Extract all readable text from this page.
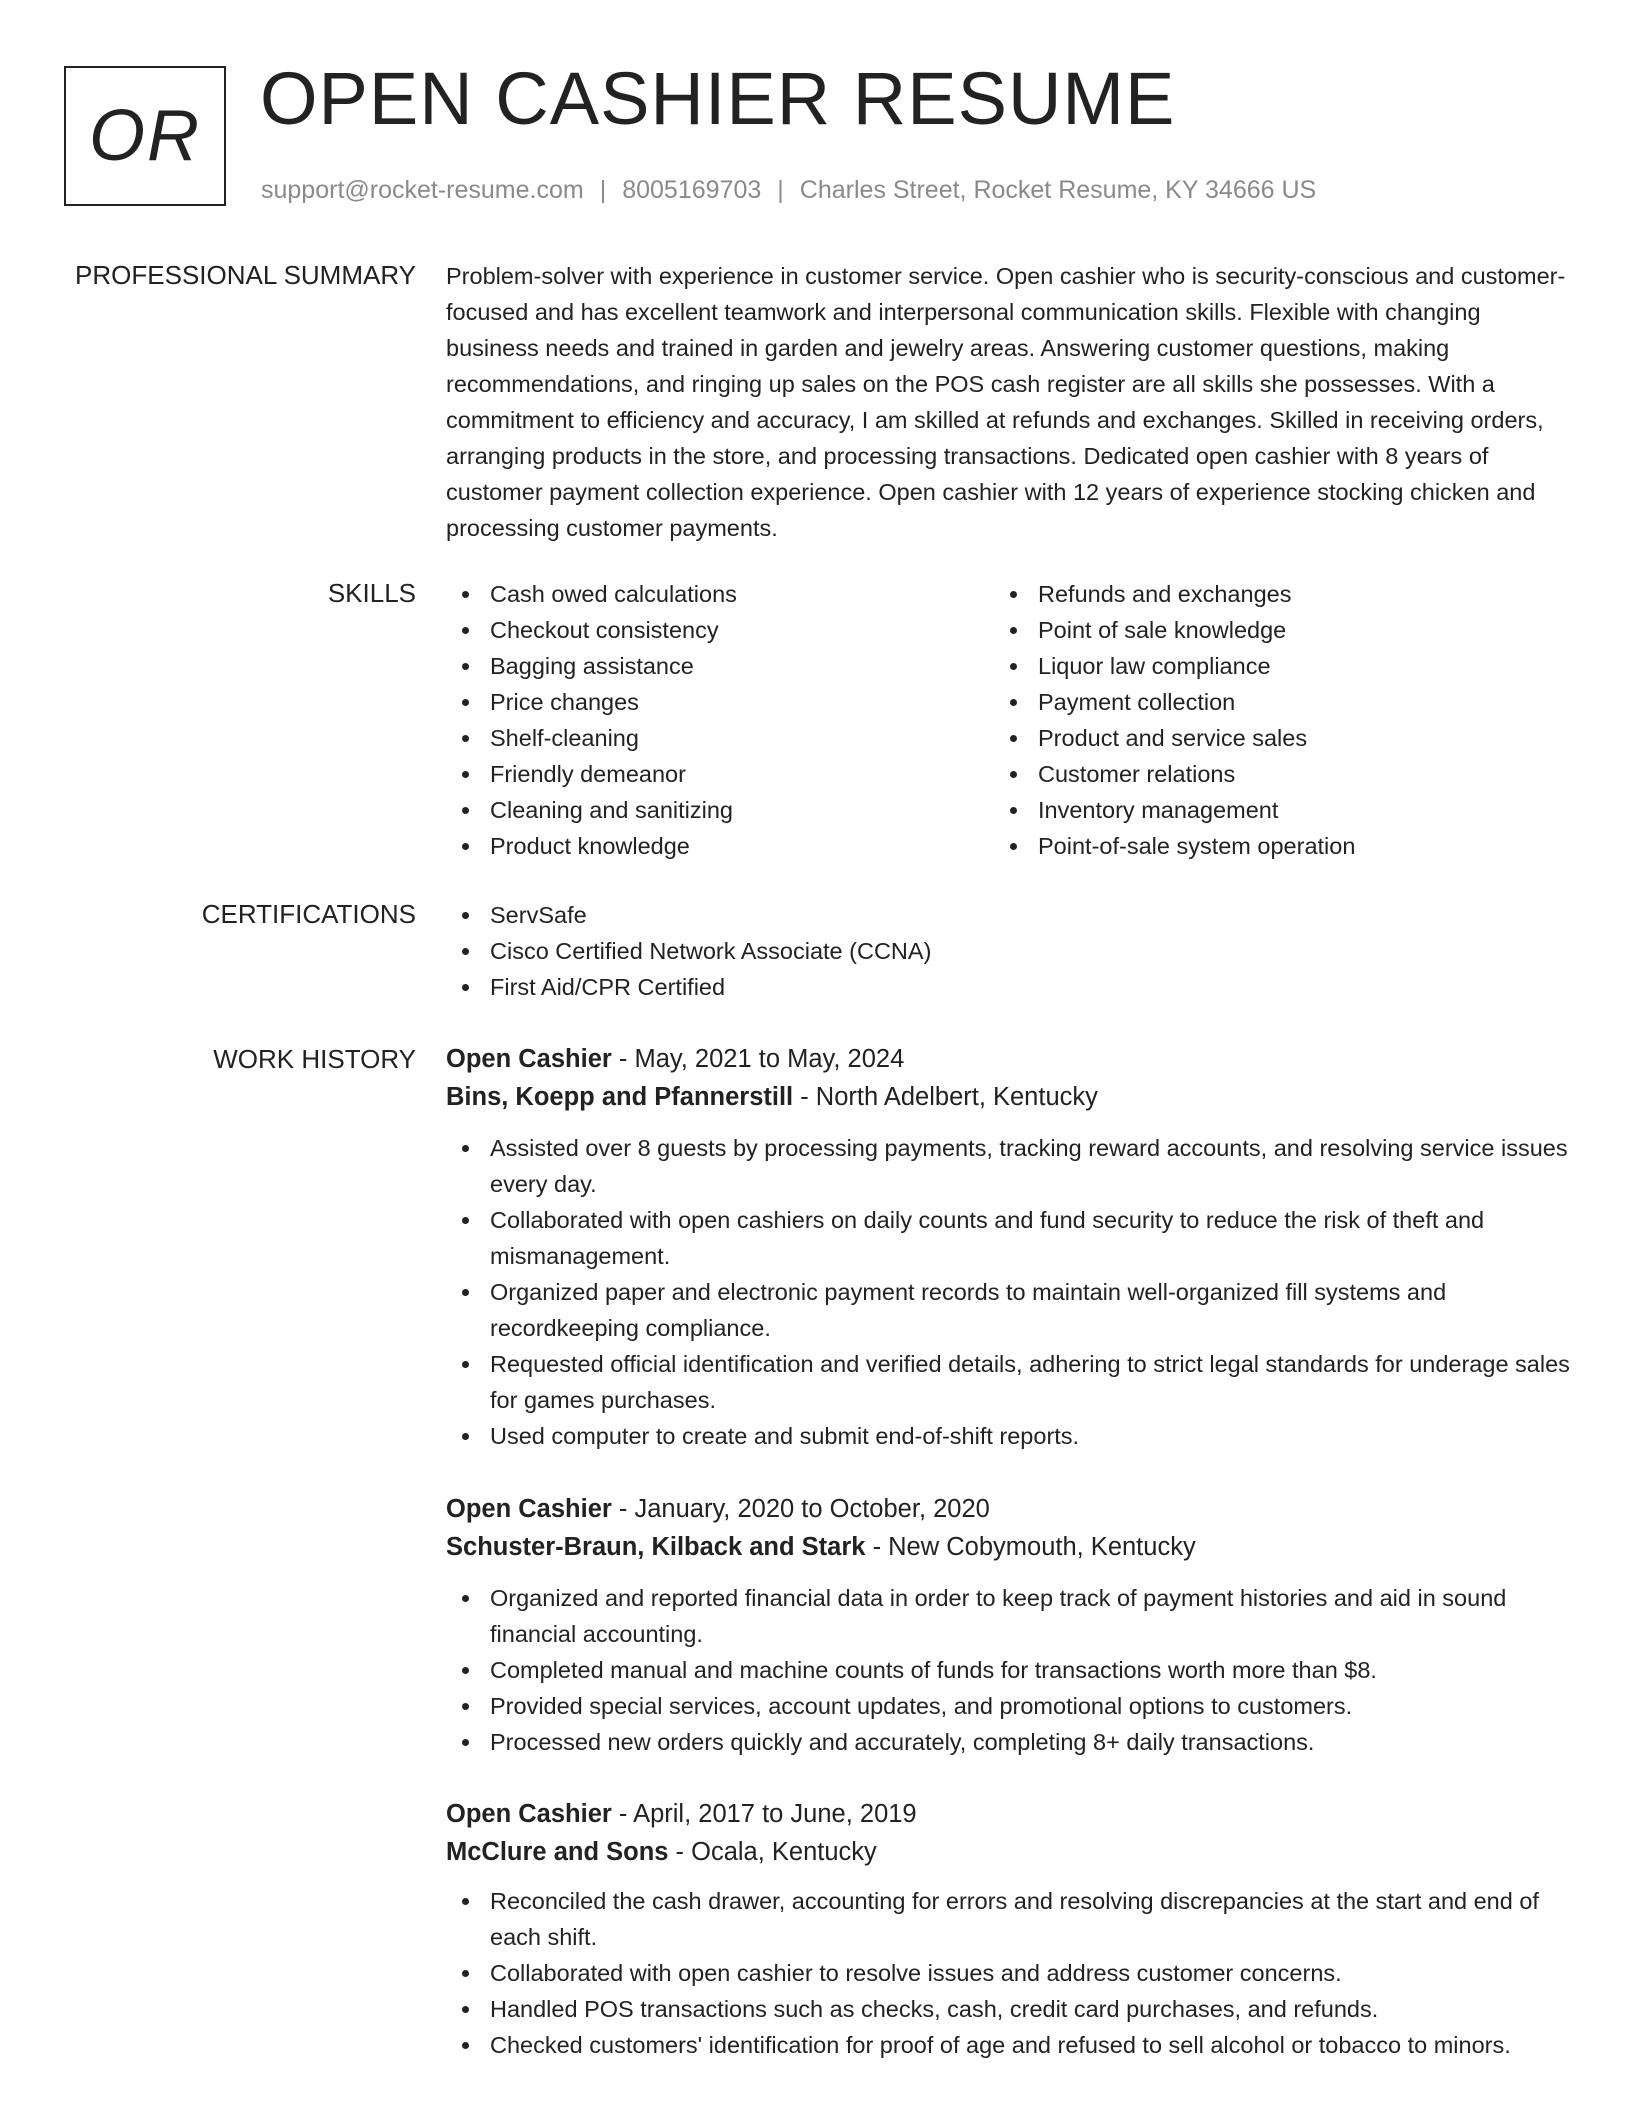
OR OPEN CASHIER RESUME
support@rocket-resume.com | 8005169703 | Charles Street, Rocket Resume, KY 34666 US
PROFESSIONAL SUMMARY Problem-solver with experience in customer service. Open cashier who is security-conscious and customer-focused and has excellent teamwork and interpersonal communication skills. Flexible with changing business needs and trained in garden and jewelry areas. Answering customer questions, making recommendations, and ringing up sales on the POS cash register are all skills she possesses. With a commitment to efficiency and accuracy, I am skilled at refunds and exchanges. Skilled in receiving orders, arranging products in the store, and processing transactions. Dedicated open cashier with 8 years of customer payment collection experience. Open cashier with 12 years of experience stocking chicken and processing customer payments.
SKILLS	Cash owed calculations
Checkout consistency
Bagging assistance
Price changes
Shelf-cleaning
Friendly demeanor
Cleaning and sanitizing
Product knowledge
Refunds and exchanges
Point of sale knowledge
Liquor law compliance
Payment collection
Product and service sales
Customer relations
Inventory management
Point-of-sale system operation
CERTIFICATIONS	ServSafe
Cisco Certified Network Associate (CCNA)
First Aid/CPR Certified
WORK HISTORY Open Cashier - May, 2021 to May, 2024
Bins, Koepp and Pfannerstill - North Adelbert, Kentucky
Assisted over 8 guests by processing payments, tracking reward accounts, and resolving service issues every day.
Collaborated with open cashiers on daily counts and fund security to reduce the risk of theft and mismanagement.
Organized paper and electronic payment records to maintain well-organized fill systems and recordkeeping compliance.
Requested official identification and verified details, adhering to strict legal standards for underage sales for games purchases.
Used computer to create and submit end-of-shift reports.
Open Cashier - January, 2020 to October, 2020
Schuster-Braun, Kilback and Stark - New Cobymouth, Kentucky
Organized and reported financial data in order to keep track of payment histories and aid in sound financial accounting.
Completed manual and machine counts of funds for transactions worth more than $8.
Provided special services, account updates, and promotional options to customers.
Processed new orders quickly and accurately, completing 8+ daily transactions.
Open Cashier - April, 2017 to June, 2019
McClure and Sons - Ocala, Kentucky
Reconciled the cash drawer, accounting for errors and resolving discrepancies at the start and end of each shift.
Collaborated with open cashier to resolve issues and address customer concerns.
Handled POS transactions such as checks, cash, credit card purchases, and refunds.
Checked customers' identification for proof of age and refused to sell alcohol or tobacco to minors.
